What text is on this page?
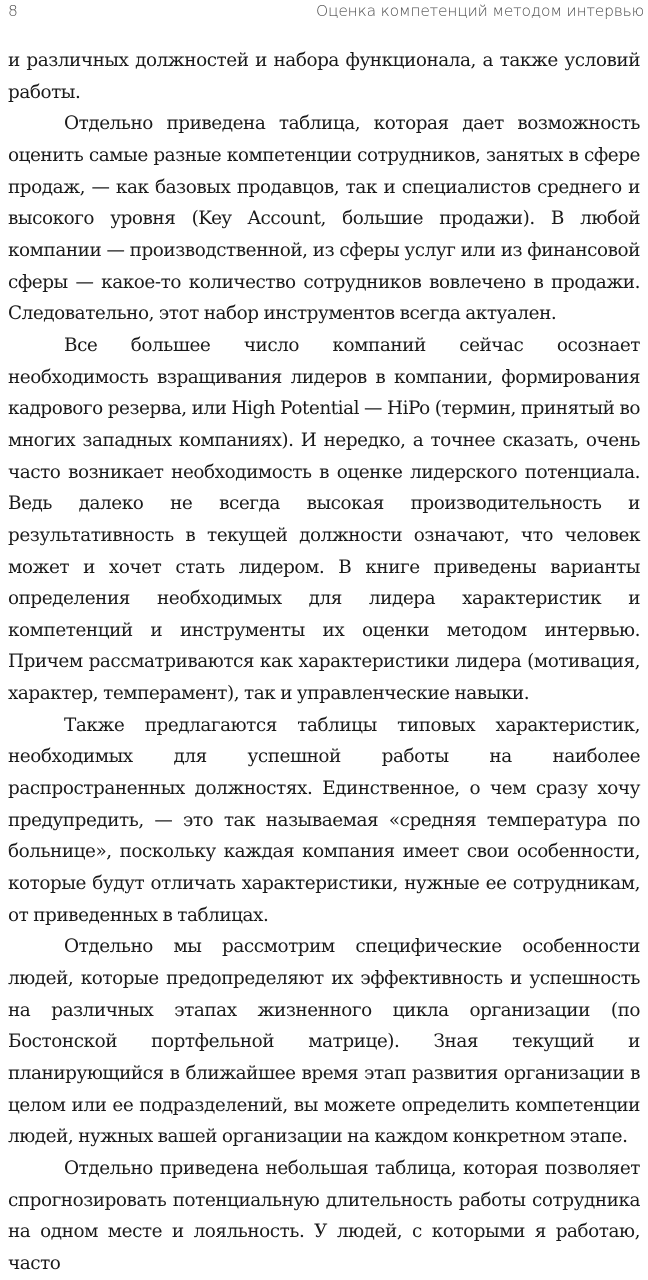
8	Оценка компетенций методом интервью

и различных должностей и набора функционала, а также условий работы.

Отдельно приведена таблица, которая дает возможность оценить самые разные компетенции сотрудников, занятых в сфере продаж, — как базовых продавцов, так и специалистов среднего и высокого уровня (Key Account, большие продажи). В любой компании — производственной, из сферы услуг или из финансовой сферы — какое-то количество сотрудников вовлечено в продажи. Следовательно, этот набор инструментов всегда актуален.

Все большее число компаний сейчас осознает необходимость взращивания лидеров в компании, формирования кадрового резерва, или High Potential — HiPo (термин, принятый во многих западных компаниях). И нередко, а точнее сказать, очень часто возникает необходимость в оценке лидерского потенциала. Ведь далеко не всегда высокая производительность и результативность в текущей должности означают, что человек может и хочет стать лидером. В книге приведены варианты определения необходимых для лидера характеристик и компетенций и инструменты их оценки методом интервью. Причем рассматриваются как характеристики лидера (мотивация, характер, темперамент), так и управленческие навыки.

Также предлагаются таблицы типовых характеристик, необходимых для успешной работы на наиболее распространенных должностях. Единственное, о чем сразу хочу предупредить, — это так называемая «средняя температура по больнице», поскольку каждая компания имеет свои особенности, которые будут отличать характеристики, нужные ее сотрудникам, от приведенных в таблицах.

Отдельно мы рассмотрим специфические особенности людей, которые предопределяют их эффективность и успешность на различных этапах жизненного цикла организации (по Бостонской портфельной матрице). Зная текущий и планирующийся в ближайшее время этап развития организации в целом или ее подразделений, вы можете определить компетенции людей, нужных вашей организации на каждом конкретном этапе.

Отдельно приведена небольшая таблица, которая позволяет спрогнозировать потенциальную длительность работы сотрудника на одном месте и лояльность. У людей, с которыми я работаю, часто
